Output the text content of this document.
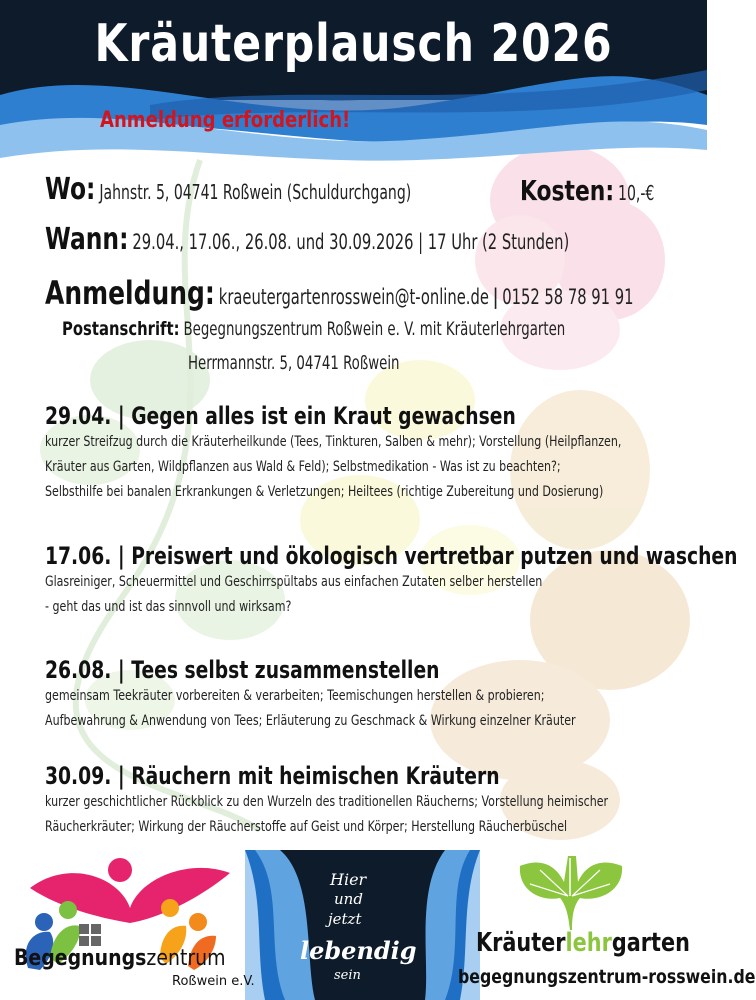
Kräuterplausch 2026
Anmeldung erforderlich!
Wo: Jahnstr. 5, 04741 Roßwein (Schuldurchgang)	Kosten: 10,-€
Wann: 29.04., 17.06., 26.08. und 30.09.2026 | 17 Uhr (2 Stunden)
Anmeldung: kraeutergartenrosswein@t-online.de | 0152 58 78 91 91
Postanschrift: Begegnungszentrum Roßwein e. V. mit Kräuterlehrgarten
Herrmannstr. 5, 04741 Roßwein
29.04. | Gegen alles ist ein Kraut gewachsen

kurzer Streifzug durch die Kräuterheilkunde (Tees, Tinkturen, Salben & mehr); Vorstellung (Heilpflanzen,

Kräuter aus Garten, Wildpflanzen aus Wald & Feld); Selbstmedikation - Was ist zu beachten?;

Selbsthilfe bei banalen Erkrankungen & Verletzungen; Heiltees (richtige Zubereitung und Dosierung)

17.06. | Preiswert und ökologisch vertretbar putzen und waschen

Glasreiniger, Scheuermittel und Geschirrspültabs aus einfachen Zutaten selber herstellen

- geht das und ist das sinnvoll und wirksam?

26.08. | Tees selbst zusammenstellen

gemeinsam Teekräuter vorbereiten & verarbeiten; Teemischungen herstellen & probieren;

Aufbewahrung & Anwendung von Tees; Erläuterung zu Geschmack & Wirkung einzelner Kräuter

30.09. | Räuchern mit heimischen Kräutern

kurzer geschichtlicher Rückblick zu den Wurzeln des traditionellen Räucherns; Vorstellung heimischer

Räucherkräuter; Wirkung der Räucherstoffe auf Geist und Körper; Herstellung Räucherbüschel

Begegnungszentrum
Roßwein e.V.
Hier
und
jetzt
lebendig
sein
Kräuterlehrgarten
begegnungszentrum-rosswein.de
